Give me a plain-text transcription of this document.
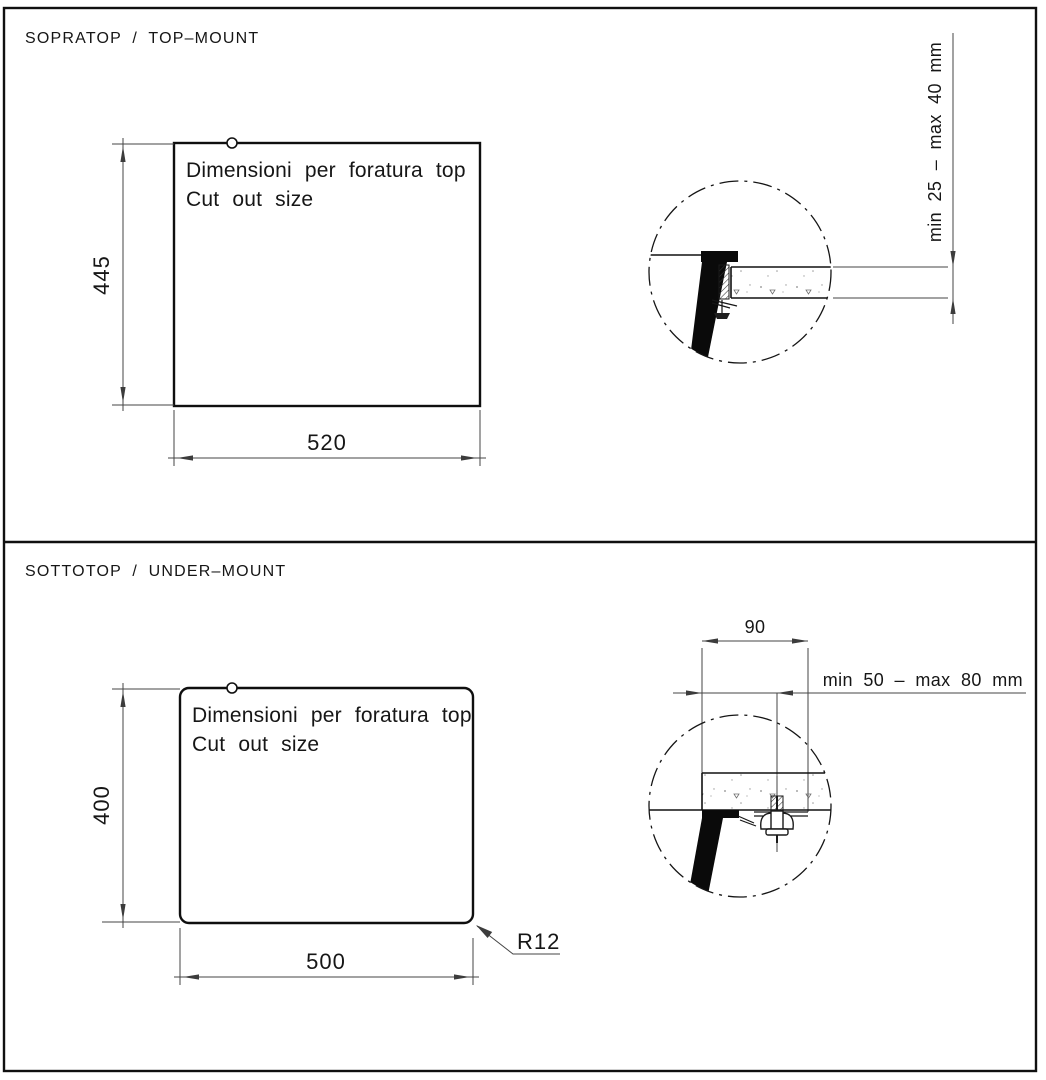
SOPRATOP / TOP–MOUNT
Dimensioni per foratura top
Cut out size
445
520
min 25 – max 40 mm
SOTTOTOP / UNDER–MOUNT
Dimensioni per foratura top
Cut out size
400
500
R12
90
min 50 – max 80 mm
